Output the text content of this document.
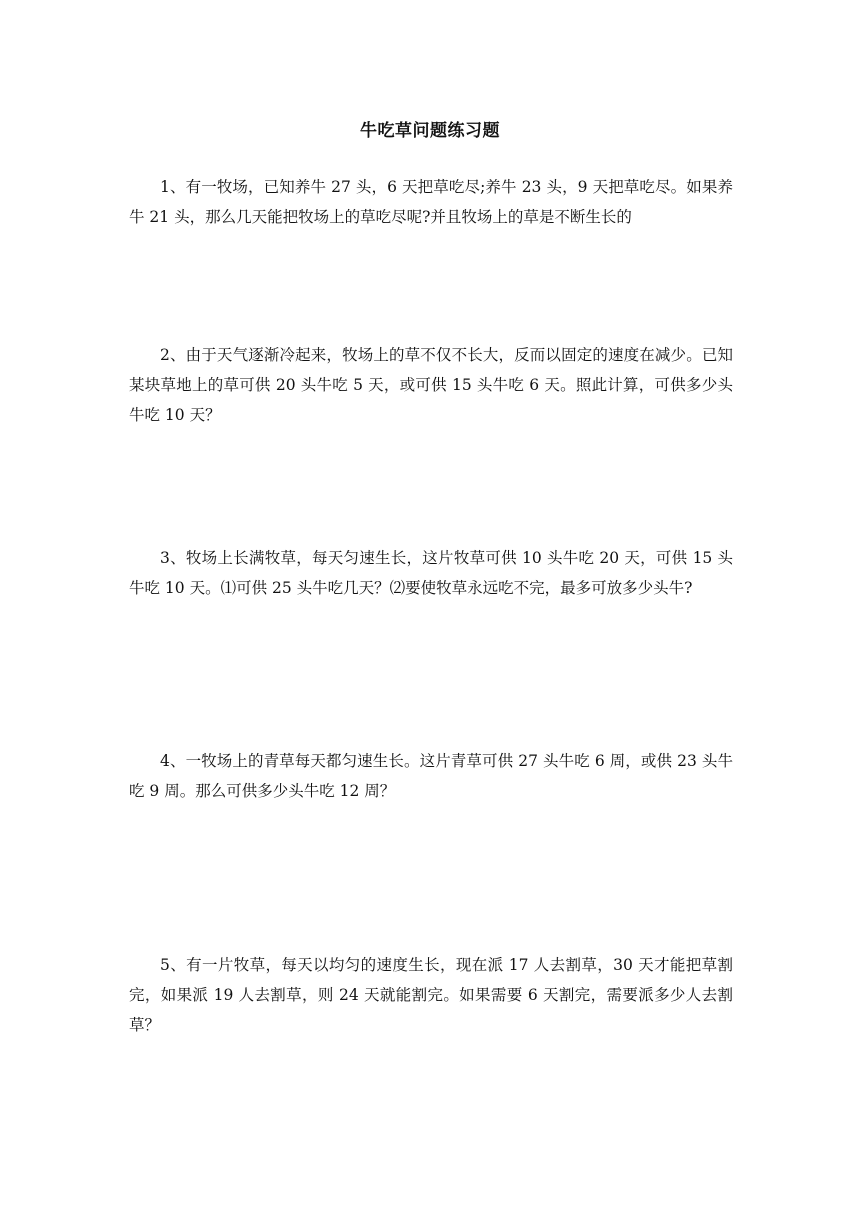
牛吃草问题练习题

1、有一牧场，已知养牛 27 头，6 天把草吃尽;养牛 23 头，9 天把草吃尽。如果养牛 21 头，那么几天能把牧场上的草吃尽呢?并且牧场上的草是不断生长的

2、由于天气逐渐冷起来，牧场上的草不仅不长大，反而以固定的速度在减少。已知某块草地上的草可供 20 头牛吃 5 天，或可供 15 头牛吃 6 天。照此计算，可供多少头牛吃 10 天？

3、牧场上长满牧草，每天匀速生长，这片牧草可供 10 头牛吃 20 天，可供 15 头牛吃 10 天。⑴可供 25 头牛吃几天？⑵要使牧草永远吃不完，最多可放多少头牛?

4、一牧场上的青草每天都匀速生长。这片青草可供 27 头牛吃 6 周，或供 23 头牛吃 9 周。那么可供多少头牛吃 12 周？

5、有一片牧草，每天以均匀的速度生长，现在派 17 人去割草，30 天才能把草割完，如果派 19 人去割草，则 24 天就能割完。如果需要 6 天割完，需要派多少人去割草？
